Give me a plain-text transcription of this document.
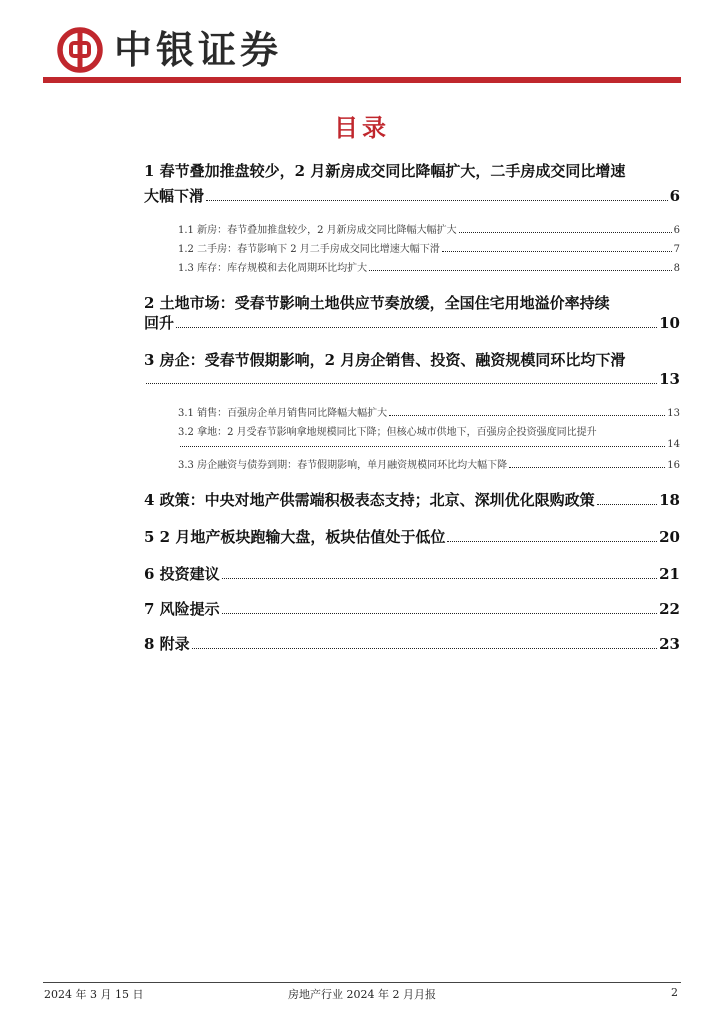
中银证券
目录
1 春节叠加推盘较少，2 月新房成交同比降幅扩大，二手房成交同比增速
大幅下滑	6
1.1 新房：春节叠加推盘较少，2 月新房成交同比降幅大幅扩大	6
1.2 二手房：春节影响下 2 月二手房成交同比增速大幅下滑	7
1.3 库存：库存规模和去化周期环比均扩大	8
2 土地市场：受春节影响土地供应节奏放缓，全国住宅用地溢价率持续
回升	10
3 房企：受春节假期影响，2 月房企销售、投资、融资规模同环比均下滑
13
3.1 销售：百强房企单月销售同比降幅大幅扩大	13
3.2 拿地：2 月受春节影响拿地规模同比下降；但核心城市供地下，百强房企投资强度同比提升
14
3.3 房企融资与债券到期：春节假期影响，单月融资规模同环比均大幅下降	16
4 政策：中央对地产供需端积极表态支持；北京、深圳优化限购政策	18
5 2 月地产板块跑输大盘，板块估值处于低位	20
6 投资建议	21
7 风险提示	22
8 附录	23
2024 年 3 月 15 日	房地产行业 2024 年 2 月月报	2
